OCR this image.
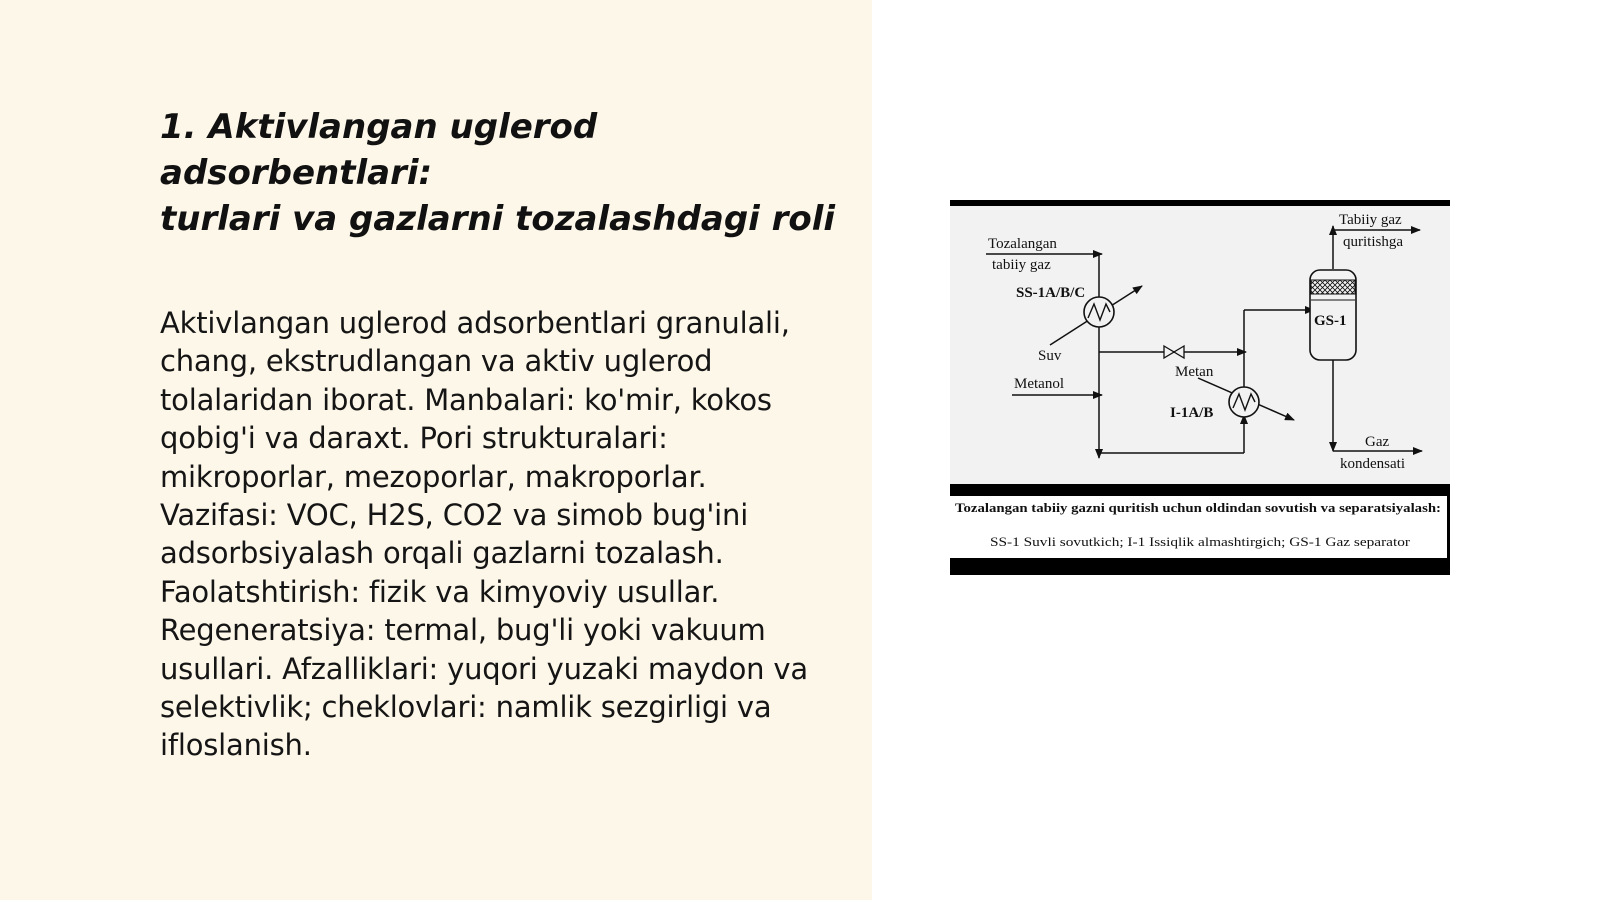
1. Aktivlangan uglerod adsorbentlari:
turlari va gazlarni tozalashdagi roli
Aktivlangan uglerod adsorbentlari granulali,
chang, ekstrudlangan va aktiv uglerod
tolalaridan iborat. Manbalari: ko'mir, kokos
qobig'i va daraxt. Pori strukturalari:
mikroporlar, mezoporlar, makroporlar.
Vazifasi: VOC, H2S, CO2 va simob bug'ini
adsorbsiyalash orqali gazlarni tozalash.
Faolatshtirish: fizik va kimyoviy usullar.
Regeneratsiya: termal, bug'li yoki vakuum
usullari. Afzalliklari: yuqori yuzaki maydon va
selektivlik; cheklovlari: namlik sezgirligi va
ifloslanish.
Tozalangan
tabiiy gaz
SS-1A/B/C
Suv
Metanol
Metan
I-1A/B
GS-1
Tabiiy gaz
quritishga
Gaz
kondensati
Tozalangan tabiiy gazni quritish uchun oldindan sovutish va separatsiyalash:
SS-1 Suvli sovutkich; I-1 Issiqlik almashtirgich; GS-1 Gaz separator
